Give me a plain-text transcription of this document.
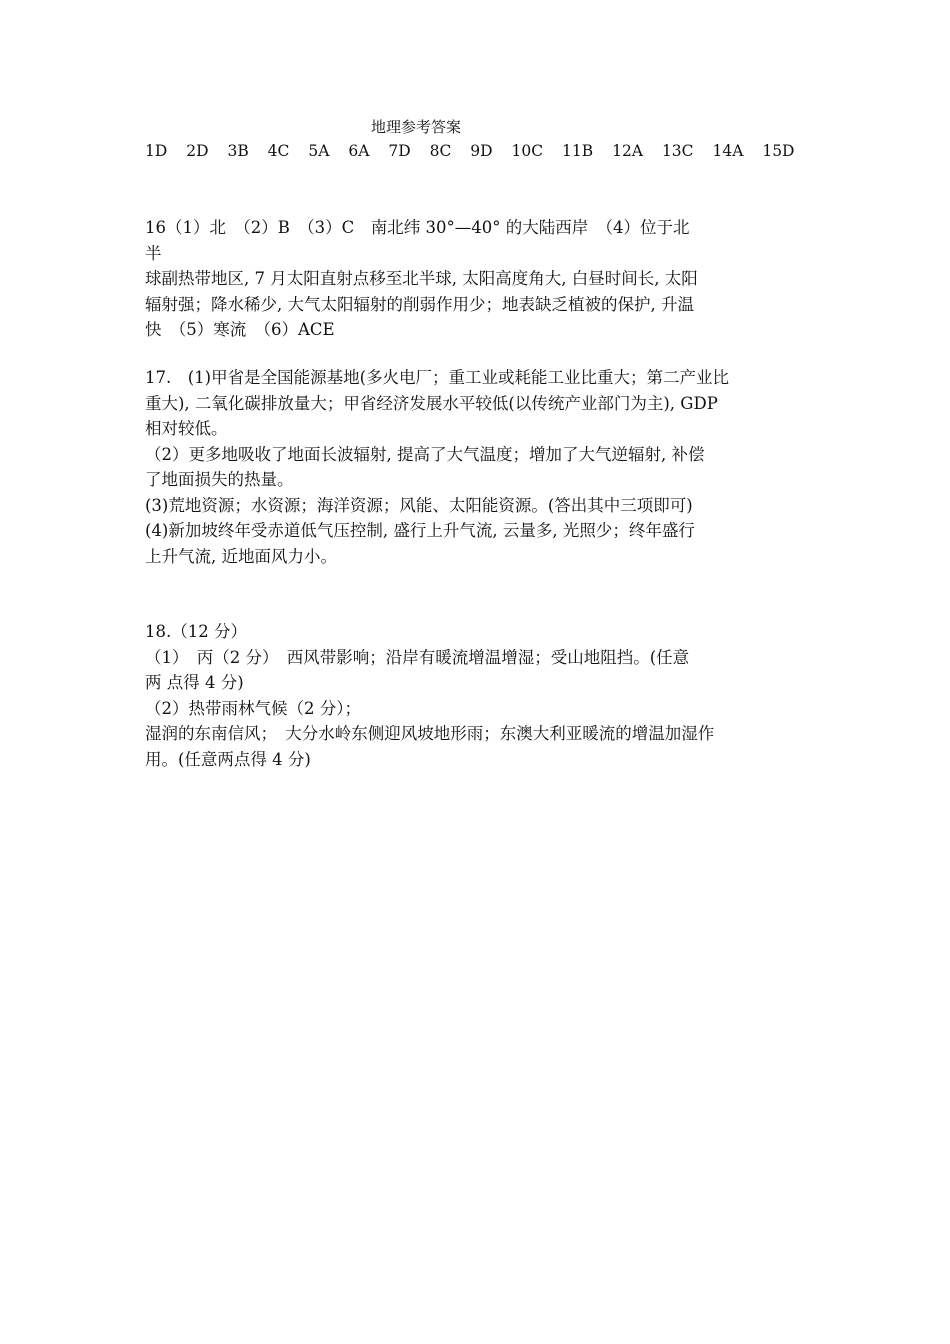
地理参考答案
1D 2D 3B 4C 5A 6A 7D 8C 9D 10C 11B 12A 13C 14A 15D

16（1）北　（2）B　（3）C　南北纬 30°—40° 的大陆西岸　（4）位于北

半

球副热带地区, 7 月太阳直射点移至北半球, 太阳高度角大, 白昼时间长, 太阳

辐射强；降水稀少, 大气太阳辐射的削弱作用少；地表缺乏植被的保护, 升温

快　（5）寒流　（6）ACE

17.　(1)甲省是全国能源基地(多火电厂；重工业或耗能工业比重大；第二产业比

重大), 二氧化碳排放量大；甲省经济发展水平较低(以传统产业部门为主), GDP

相对较低。

（2）更多地吸收了地面长波辐射, 提高了大气温度；增加了大气逆辐射, 补偿

了地面损失的热量。

(3)荒地资源；水资源；海洋资源；风能、太阳能资源。(答出其中三项即可)

(4)新加坡终年受赤道低气压控制, 盛行上升气流, 云量多, 光照少；终年盛行

上升气流, 近地面风力小。

18.（12 分）

（1）　丙（2 分）　西风带影响；沿岸有暖流增温增湿；受山地阻挡。(任意

两 点得 4 分)

（2）热带雨林气候（2 分）；

湿润的东南信风；　大分水岭东侧迎风坡地形雨；东澳大利亚暖流的增温加湿作

用。(任意两点得 4 分)
